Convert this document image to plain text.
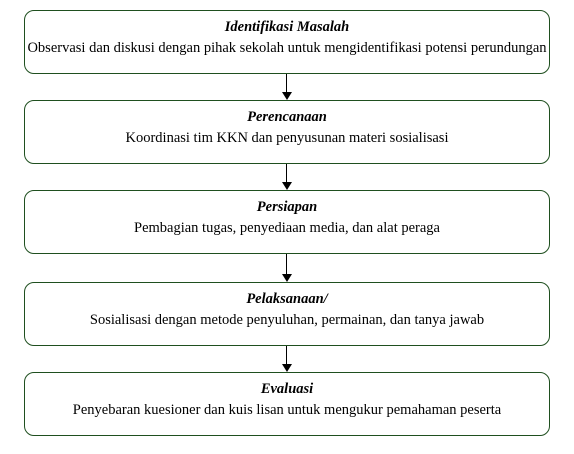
Identifikasi Masalah
Observasi dan diskusi dengan pihak sekolah untuk mengidentifikasi potensi perundungan
Perencanaan
Koordinasi tim KKN dan penyusunan materi sosialisasi
Persiapan
Pembagian tugas, penyediaan media, dan alat peraga
Pelaksanaan/
Sosialisasi dengan metode penyuluhan, permainan, dan tanya jawab
Evaluasi
Penyebaran kuesioner dan kuis lisan untuk mengukur pemahaman peserta
